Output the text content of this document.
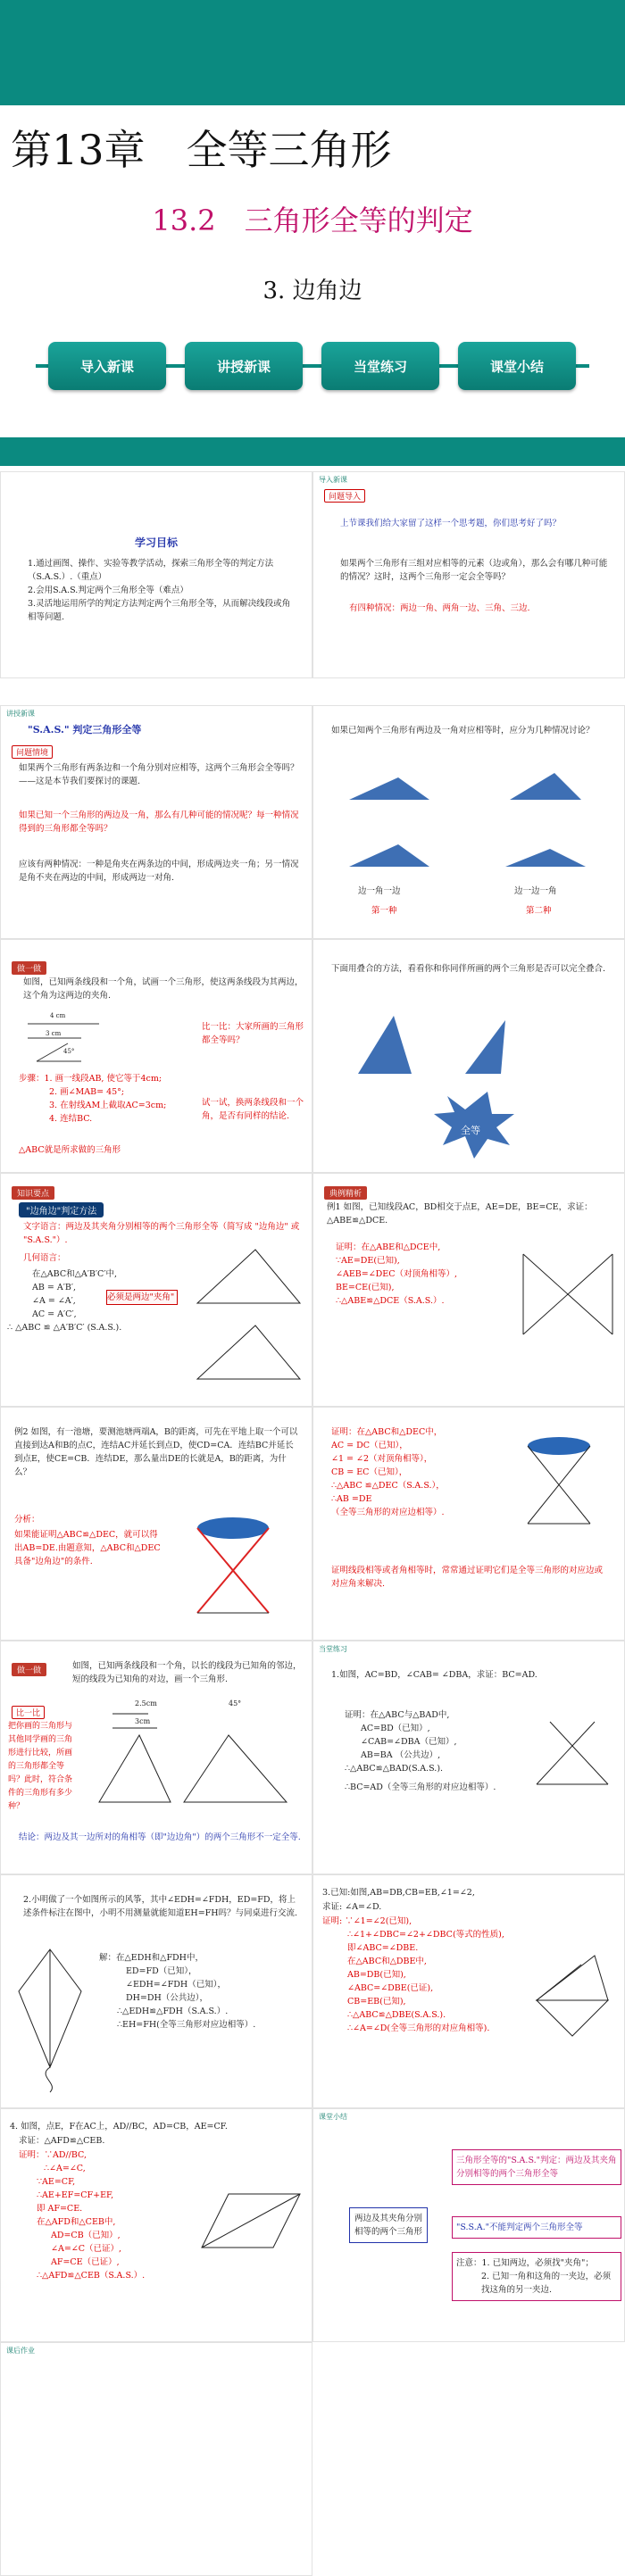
第13章　全等三角形
13.2　三角形全等的判定
3. 边角边
导入新课	讲授新课	当堂练习	课堂小结
学习目标
1.通过画图、操作、实验等教学活动，探索三角形全等的判定方法（S.A.S.）.（重点）
2.会用S.A.S.判定两个三角形全等（难点）
3.灵活地运用所学的判定方法判定两个三角形全等，从而解决线段或角相等问题.
导入新课
问题导入
上节课我们给大家留了这样一个思考题，你们思考好了吗？
如果两个三角形有三组对应相等的元素（边或角），那么会有哪几种可能的情况？这时，这两个三角形一定会全等吗？
有四种情况：两边一角、两角一边、三角、三边.
讲授新课
"S.A.S." 判定三角形全等
问题情境
如果两个三角形有两条边和一个角分别对应相等，这两个三角形会全等吗？——这是本节我们要探讨的课题.
如果已知一个三角形的两边及一角，那么有几种可能的情况呢？每一种情况得到的三角形都全等吗？
应该有两种情况：一种是角夹在两条边的中间，形成两边夹一角；另一情况是角不夹在两边的中间，形成两边一对角.
如果已知两个三角形有两边及一角对应相等时，应分为几种情况讨论？
边一角一边
第一种
边一边一角
第二种
做一做
如图，已知两条线段和一个角，试画一个三角形，使这两条线段为其两边，这个角为这两边的夹角.
4 cm
3 cm
45°
比一比：大家所画的三角形都全等吗？
步骤：1. 画一线段AB, 使它等于4cm;
2. 画∠MAB= 45°;
3. 在射线AM上截取AC=3cm;
4. 连结BC.
△ABC就是所求做的三角形
试一试，换两条线段和一个角，是否有同样的结论.
下面用叠合的方法，看看你和你同伴所画的两个三角形是否可以完全叠合.
全等
知识要点
"边角边"判定方法
文字语言：两边及其夹角分别相等的两个三角形全等（简写成 "边角边" 或 "S.A.S."）.
几何语言：
在△ABC和△A′B′C′中,
AB = A′B′,
∠A = ∠A′,
AC = A′C′,
∴ △ABC ≌ △A′B′C′ (S.A.S.).
必须是两边"夹角"
典例精析
例1 如图，已知线段AC，BD相交于点E，AE=DE，BE=CE，求证：△ABE≌△DCE.
证明：在△ABE和△DCE中,
∵AE=DE(已知),
∠AEB=∠DEC（对顶角相等）,
BE=CE(已知),
∴△ABE≌△DCE（S.A.S.）.
例2 如图，有一池塘，要测池塘两端A，B的距离，可先在平地上取一个可以直接到达A和B的点C，连结AC并延长到点D，使CD=CA．连结BC并延长到点E，使CE=CB．连结DE，那么量出DE的长就是A，B的距离，为什么？
分析：
如果能证明△ABC≌△DEC，就可以得出AB=DE.由题意知，△ABC和△DEC具备"边角边"的条件.
证明：在△ABC和△DEC中，
AC = DC（已知），
∠1 = ∠2（对顶角相等），
CB = EC（已知），
∴△ABC ≌△DEC（S.A.S.），
∴AB =DE
（全等三角形的对应边相等）.
证明线段相等或者角相等时，常常通过证明它们是全等三角形的对应边或对应角来解决.
做一做	如图，已知两条线段和一个角，以长的线段为已知角的邻边，短的线段为已知角的对边，画一个三角形.
比一比
把你画的三角形与其他同学画的三角形进行比较，所画的三角形都全等吗？此时，符合条件的三角形有多少种？
2.5cm
3cm
45°
结论：两边及其一边所对的角相等（即"边边角"）的两个三角形不一定全等.
当堂练习
1.如图，AC=BD，∠CAB= ∠DBA，求证：BC=AD.
证明：在△ABC与△BAD中,
AC=BD（已知）,
∠CAB=∠DBA（已知）,
AB=BA （公共边）,
∴△ABC≌△BAD(S.A.S.).
∴BC=AD（全等三角形的对应边相等）.
2.小明做了一个如图所示的风筝，其中∠EDH=∠FDH，ED=FD，将上述条件标注在图中，小明不用测量就能知道EH=FH吗？与同桌进行交流.
解：在△EDH和△FDH中，
ED=FD（已知），
∠EDH=∠FDH（已知），
DH=DH（公共边），
∴△EDH≌△FDH（S.A.S.）.
∴EH=FH(全等三角形对应边相等）.
3.已知:如图,AB=DB,CB=EB,∠1=∠2,
求证: ∠A=∠D.
证明: ∵∠1=∠2(已知),
∴∠1+∠DBC=∠2+∠DBC(等式的性质),
即∠ABC=∠DBE.
在△ABC和△DBE中,
AB=DB(已知),
∠ABC=∠DBE(已证),
CB=EB(已知),
∴△ABC≌△DBE(S.A.S.).
∴∠A=∠D(全等三角形的对应角相等).
4. 如图，点E，F在AC上，AD//BC，AD=CB，AE=CF.
求证：△AFD≌△CEB.
证明：∵AD//BC,
∴∠A=∠C,
∵AE=CF,
∴AE+EF=CF+EF,
即 AF=CE.
在△AFD和△CEB中,
AD=CB（已知）,
∠A=∠C（已证）,
AF=CE（已证）,
∴△AFD≌△CEB（S.A.S.）.
课堂小结
两边及其夹角分别相等的两个三角形
三角形全等的"S.A.S."判定：两边及其夹角分别相等的两个三角形全等
"S.S.A."不能判定两个三角形全等
注意：1. 已知两边，必须找"夹角"；
2. 已知一角和这角的一夹边，必须找这角的另一夹边.
课后作业
